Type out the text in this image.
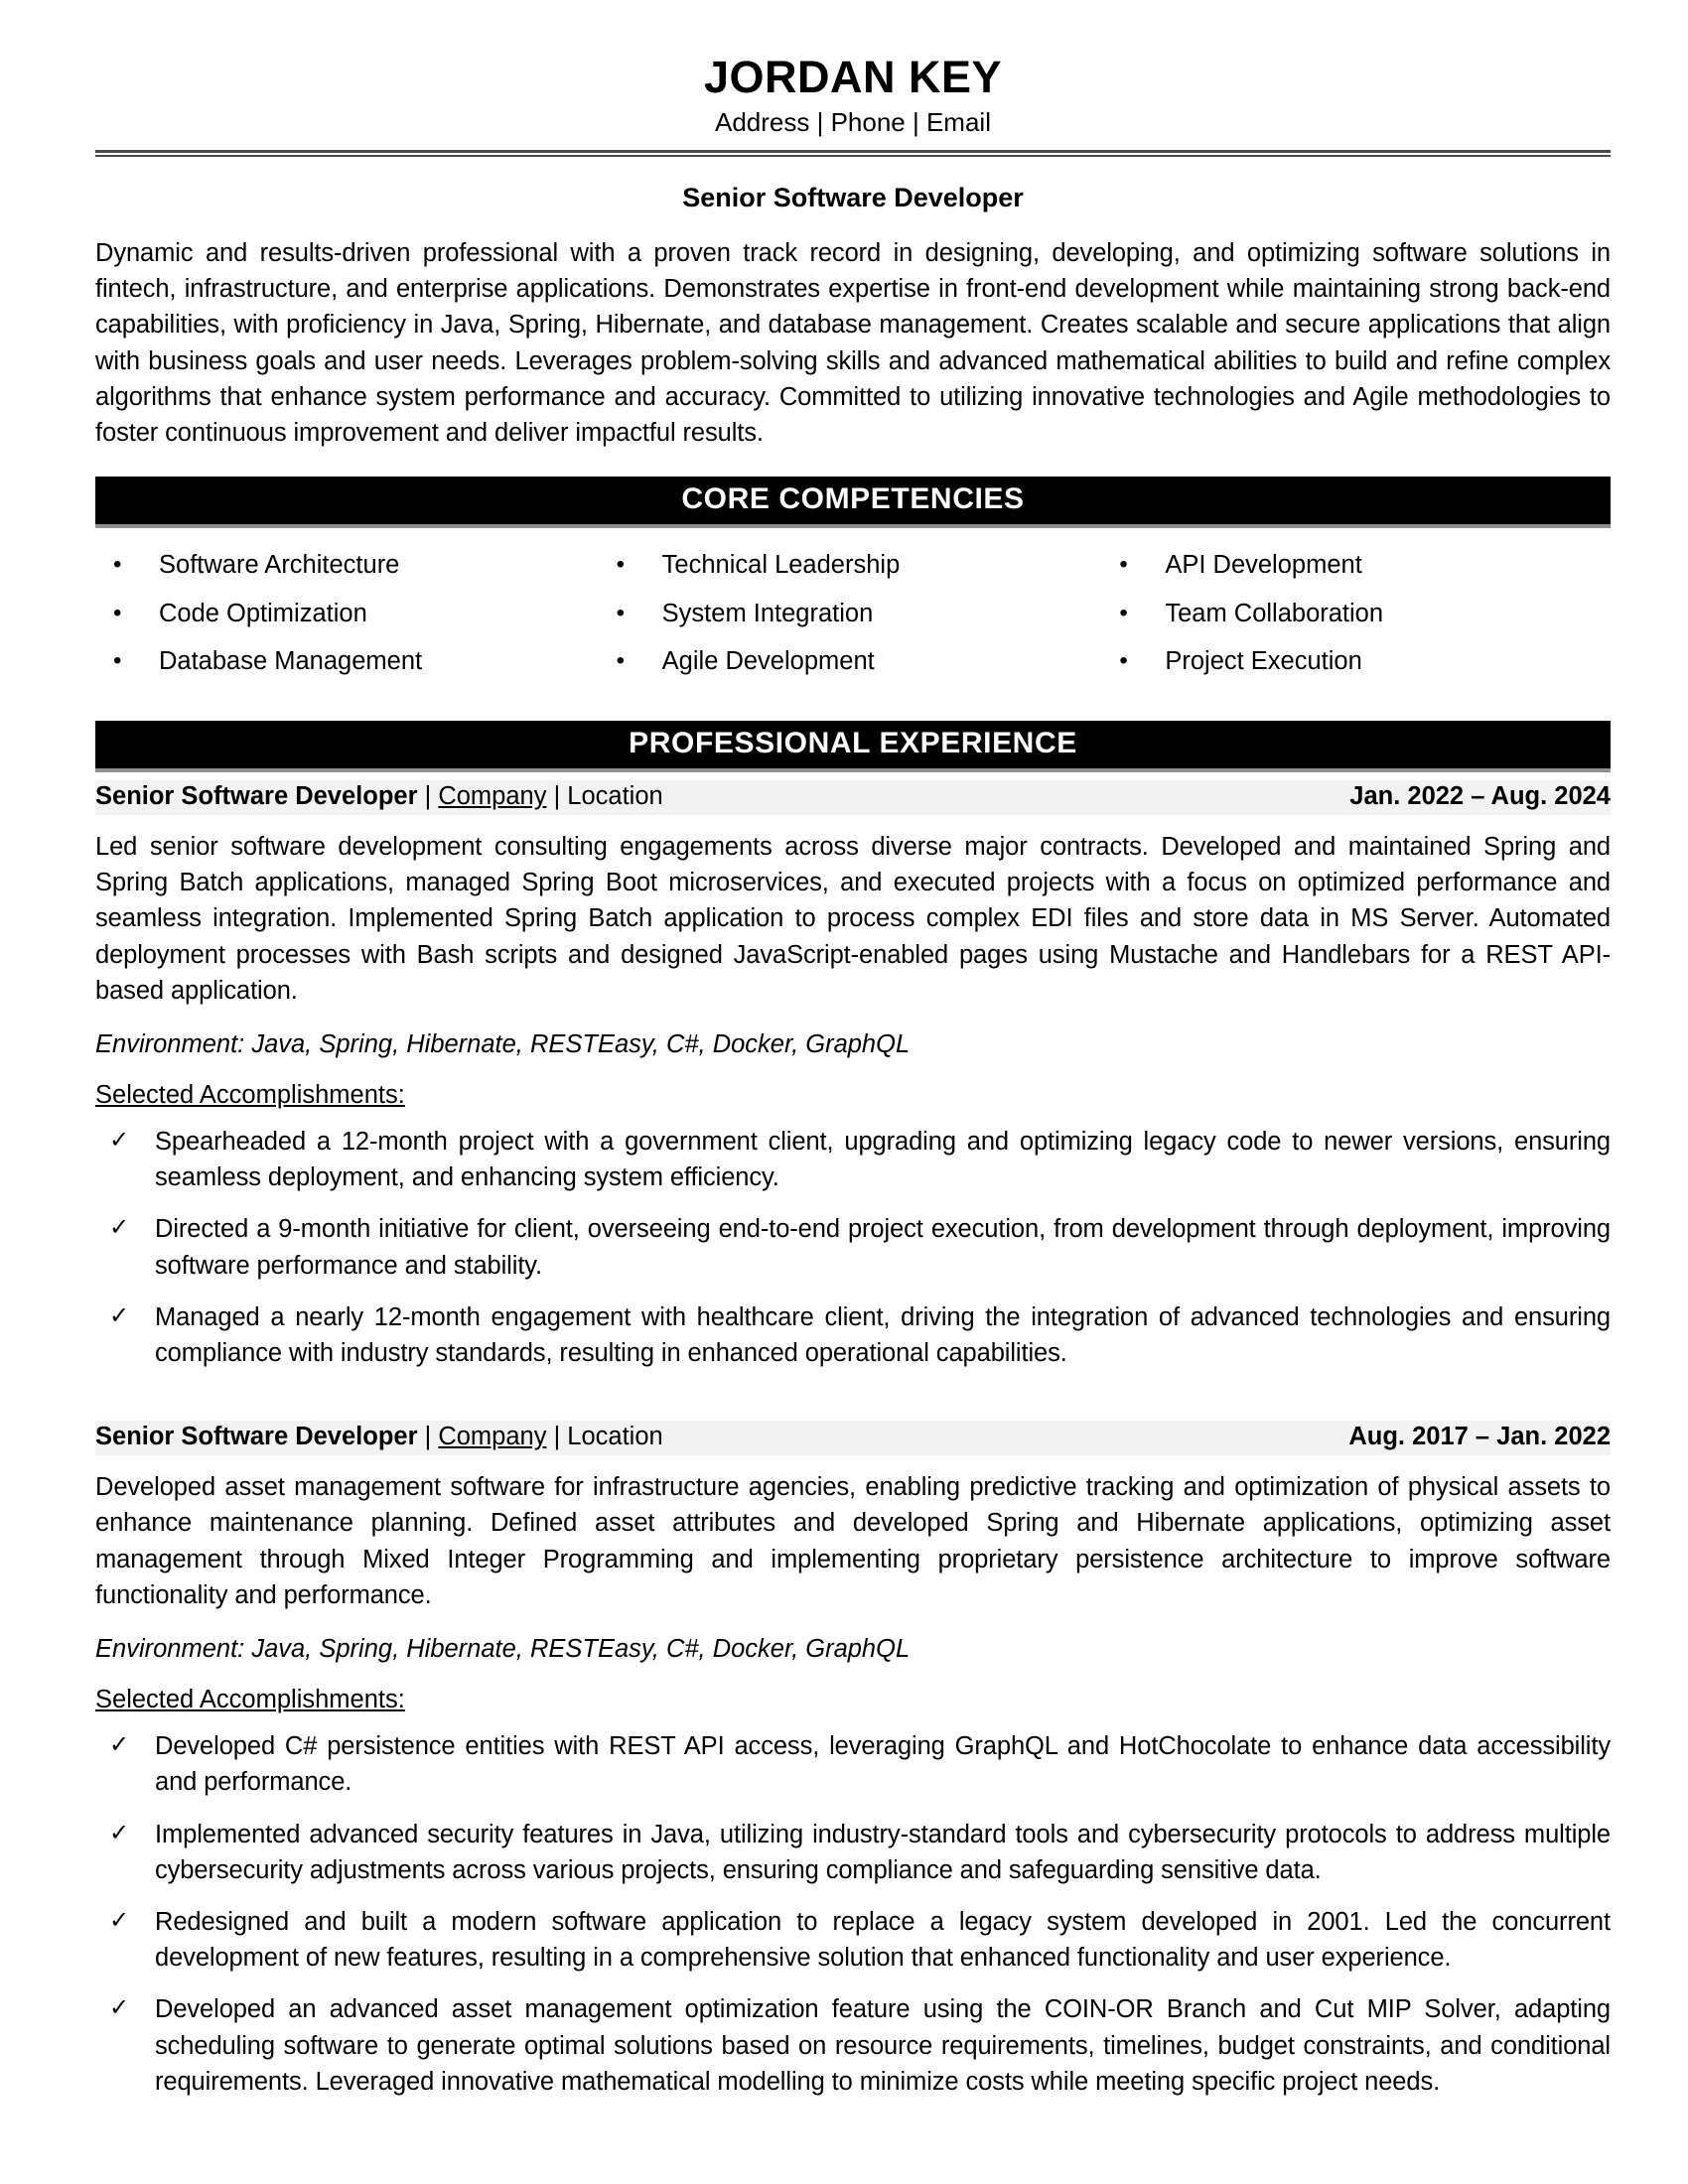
JORDAN KEY
Address | Phone | Email
Senior Software Developer
Dynamic and results-driven professional with a proven track record in designing, developing, and optimizing software solutions in fintech, infrastructure, and enterprise applications. Demonstrates expertise in front-end development while maintaining strong back-end capabilities, with proficiency in Java, Spring, Hibernate, and database management. Creates scalable and secure applications that align with business goals and user needs. Leverages problem-solving skills and advanced mathematical abilities to build and refine complex algorithms that enhance system performance and accuracy. Committed to utilizing innovative technologies and Agile methodologies to foster continuous improvement and deliver impactful results.
CORE COMPETENCIES
•	Software Architecture
•	Code Optimization
•	Database Management
•	Technical Leadership
•	System Integration
•	Agile Development
•	API Development
•	Team Collaboration
•	Project Execution
PROFESSIONAL EXPERIENCE
Senior Software Developer | Company | Location	Jan. 2022 – Aug. 2024
Led senior software development consulting engagements across diverse major contracts. Developed and maintained Spring and Spring Batch applications, managed Spring Boot microservices, and executed projects with a focus on optimized performance and seamless integration. Implemented Spring Batch application to process complex EDI files and store data in MS Server. Automated deployment processes with Bash scripts and designed JavaScript-enabled pages using Mustache and Handlebars for a REST API-based application.
Environment: Java, Spring, Hibernate, RESTEasy, C#, Docker, GraphQL
Selected Accomplishments:
✓	Spearheaded a 12-month project with a government client, upgrading and optimizing legacy code to newer versions, ensuring seamless deployment, and enhancing system efficiency.
✓	Directed a 9-month initiative for client, overseeing end-to-end project execution, from development through deployment, improving software performance and stability.
✓	Managed a nearly 12-month engagement with healthcare client, driving the integration of advanced technologies and ensuring compliance with industry standards, resulting in enhanced operational capabilities.
Senior Software Developer | Company | Location	Aug. 2017 – Jan. 2022
Developed asset management software for infrastructure agencies, enabling predictive tracking and optimization of physical assets to enhance maintenance planning. Defined asset attributes and developed Spring and Hibernate applications, optimizing asset management through Mixed Integer Programming and implementing proprietary persistence architecture to improve software functionality and performance.
Environment: Java, Spring, Hibernate, RESTEasy, C#, Docker, GraphQL
Selected Accomplishments:
✓	Developed C# persistence entities with REST API access, leveraging GraphQL and HotChocolate to enhance data accessibility and performance.
✓	Implemented advanced security features in Java, utilizing industry-standard tools and cybersecurity protocols to address multiple cybersecurity adjustments across various projects, ensuring compliance and safeguarding sensitive data.
✓	Redesigned and built a modern software application to replace a legacy system developed in 2001. Led the concurrent development of new features, resulting in a comprehensive solution that enhanced functionality and user experience.
✓	Developed an advanced asset management optimization feature using the COIN-OR Branch and Cut MIP Solver, adapting scheduling software to generate optimal solutions based on resource requirements, timelines, budget constraints, and conditional requirements. Leveraged innovative mathematical modelling to minimize costs while meeting specific project needs.
